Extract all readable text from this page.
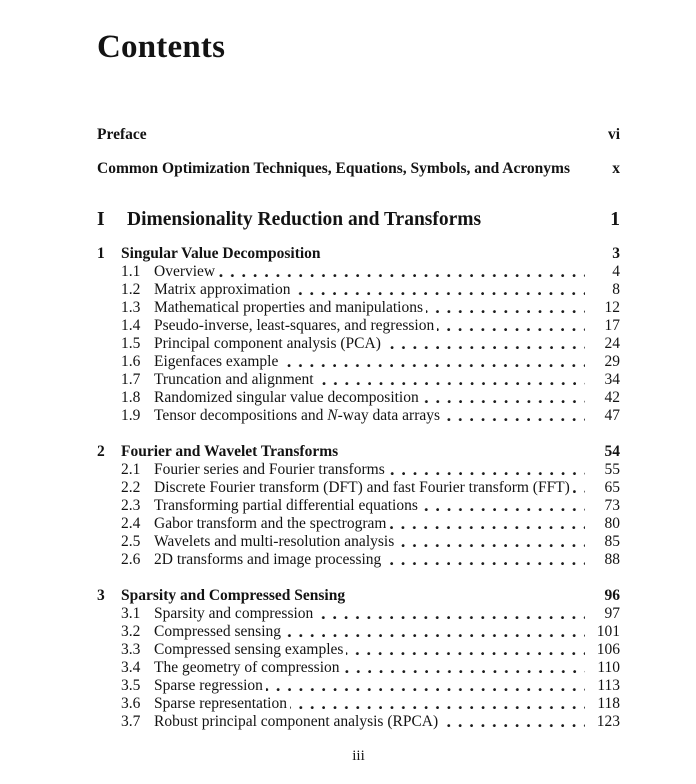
Contents
Preface	vi
Common Optimization Techniques, Equations, Symbols, and Acronyms	x
I	Dimensionality Reduction and Transforms	1
1	Singular Value Decomposition	3
1.1 Overview	4
1.2 Matrix approximation	8
1.3 Mathematical properties and manipulations	12
1.4 Pseudo-inverse, least-squares, and regression	17
1.5 Principal component analysis (PCA)	24
1.6 Eigenfaces example	29
1.7 Truncation and alignment	34
1.8 Randomized singular value decomposition	42
1.9 Tensor decompositions and N-way data arrays	47
2	Fourier and Wavelet Transforms	54
2.1 Fourier series and Fourier transforms	55
2.2 Discrete Fourier transform (DFT) and fast Fourier transform (FFT)	65
2.3 Transforming partial differential equations	73
2.4 Gabor transform and the spectrogram	80
2.5 Wavelets and multi-resolution analysis	85
2.6 2D transforms and image processing	88
3	Sparsity and Compressed Sensing	96
3.1 Sparsity and compression	97
3.2 Compressed sensing	101
3.3 Compressed sensing examples	106
3.4 The geometry of compression	110
3.5 Sparse regression	113
3.6 Sparse representation	118
3.7 Robust principal component analysis (RPCA)	123
iii
